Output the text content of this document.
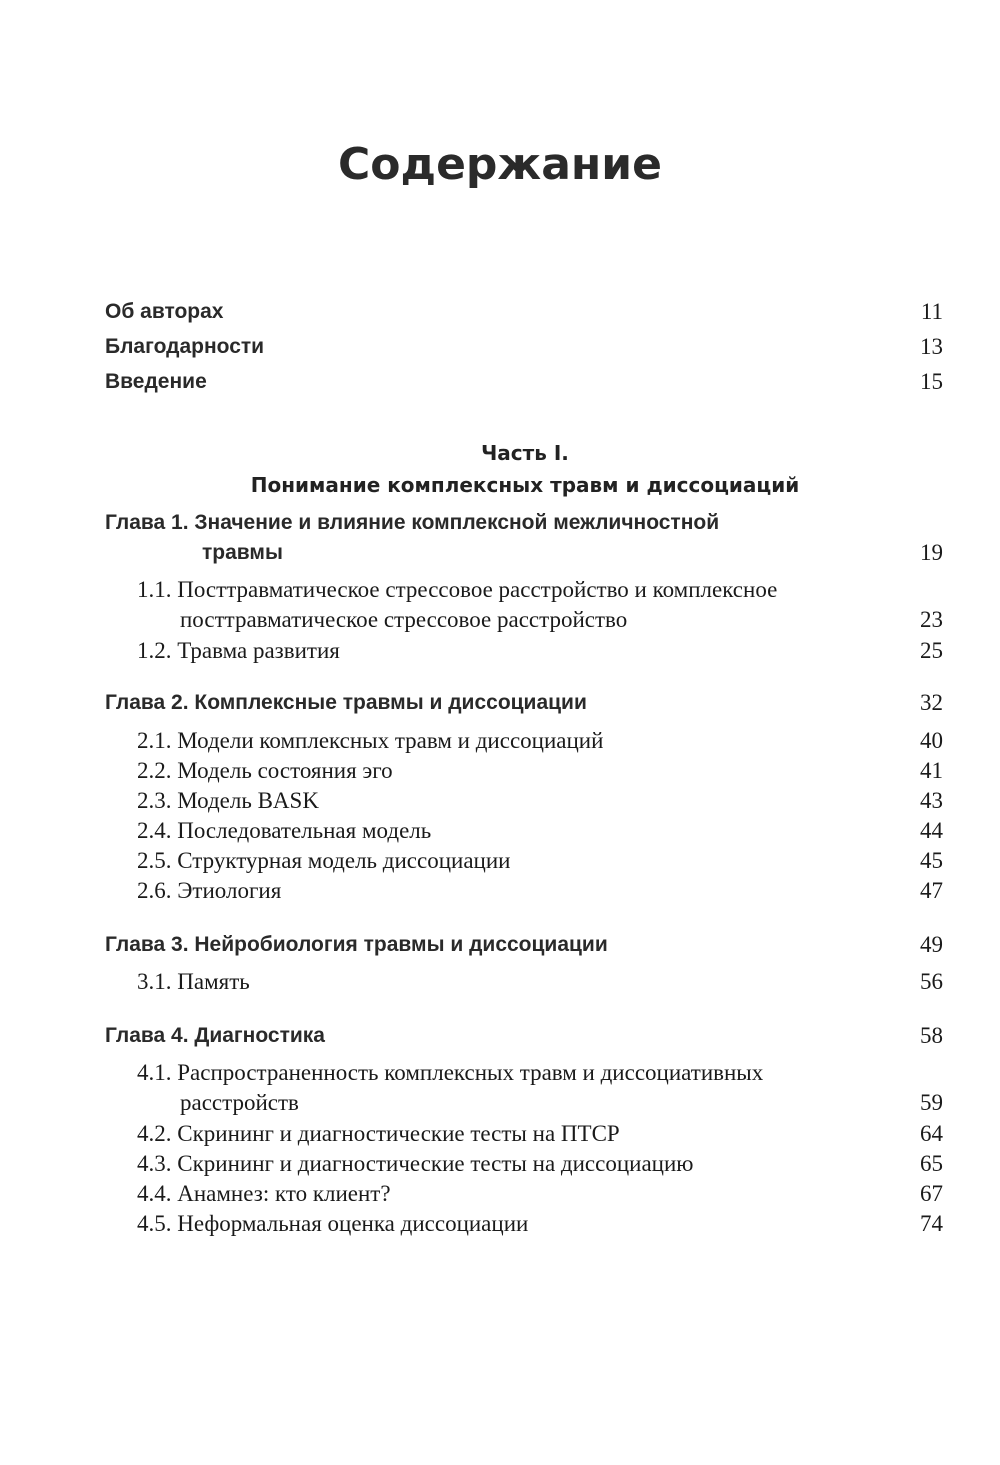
Содержание
Об авторах	11
Благодарности	13
Введение	15
Часть I.
Понимание комплексных травм и диссоциаций
Глава 1. Значение и влияние комплексной межличностной
травмы	19
1.1. Посттравматическое стрессовое расстройство и комплексное
посттравматическое стрессовое расстройство	23
1.2. Травма развития	25
Глава 2. Комплексные травмы и диссоциации	32
2.1. Модели комплексных травм и диссоциаций	40
2.2. Модель состояния эго	41
2.3. Модель BASK	43
2.4. Последовательная модель	44
2.5. Структурная модель диссоциации	45
2.6. Этиология	47
Глава 3. Нейробиология травмы и диссоциации	49
3.1. Память	56
Глава 4. Диагностика	58
4.1. Распространенность комплексных травм и диссоциативных
расстройств	59
4.2. Скрининг и диагностические тесты на ПТСР	64
4.3. Скрининг и диагностические тесты на диссоциацию	65
4.4. Анамнез: кто клиент?	67
4.5. Неформальная оценка диссоциации	74
